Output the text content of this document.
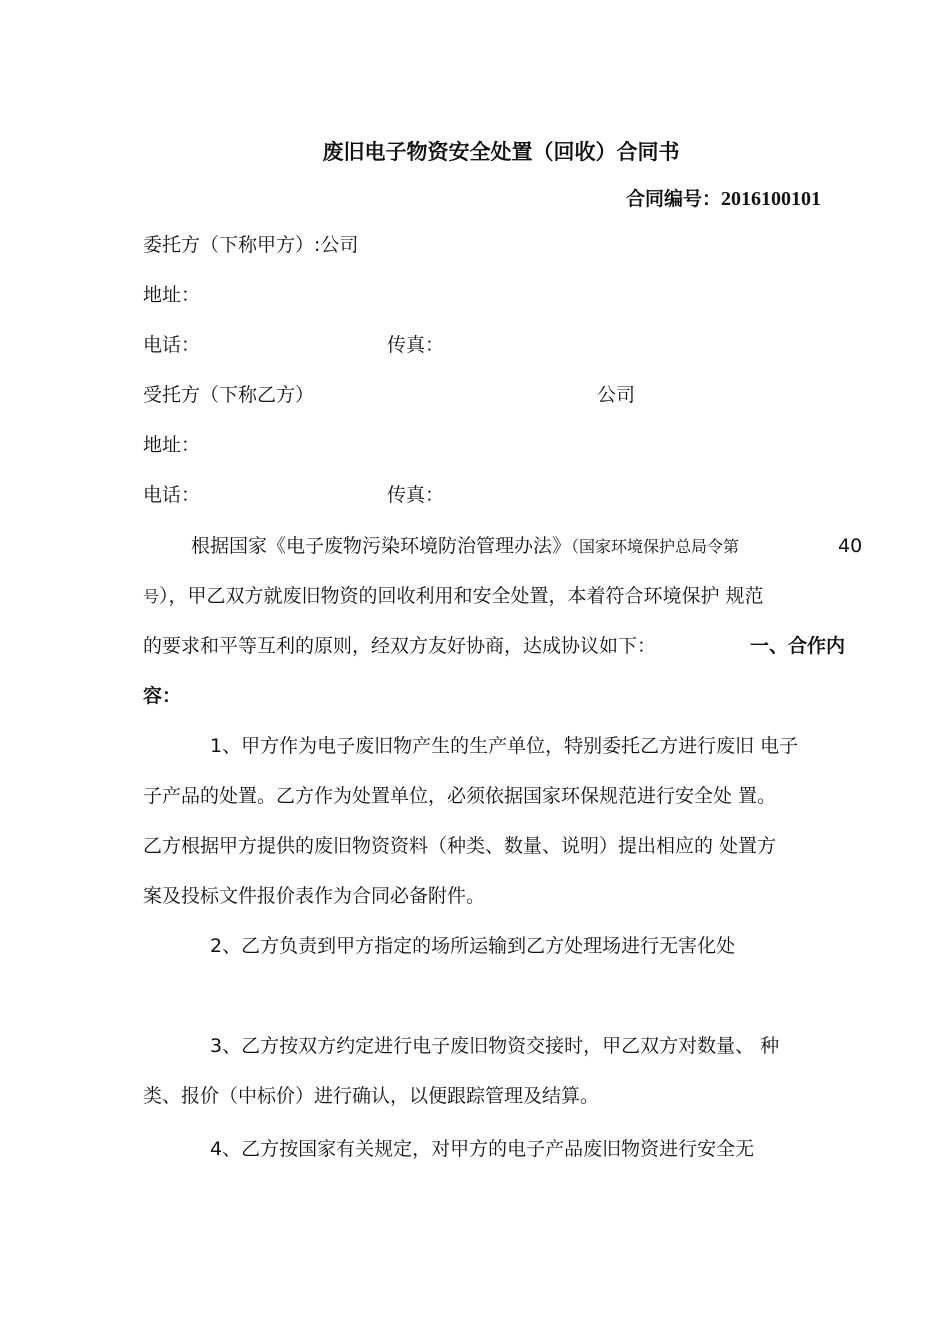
废旧电子物资安全处置（回收）合同书
合同编号：2016100101
委托方（下称甲方）:公司
地址：
电话：	传真：
受托方（下称乙方）	公司
地址：
电话：	传真：
根据国家《电子废物污染环境防治管理办法》（国家环境保护总局令第	40
号），甲乙双方就废旧物资的回收利用和安全处置，本着符合环境保护 规范
的要求和平等互利的原则，经双方友好协商，达成协议如下：	一、合作内
容：
1、甲方作为电子废旧物产生的生产单位，特别委托乙方进行废旧 电子
子产品的处置。乙方作为处置单位，必须依据国家环保规范进行安全处 置。
乙方根据甲方提供的废旧物资资料（种类、数量、说明）提出相应的 处置方
案及投标文件报价表作为合同必备附件。
2、乙方负责到甲方指定的场所运输到乙方处理场进行无害化处
3、乙方按双方约定进行电子废旧物资交接时，甲乙双方对数量、 种
类、报价（中标价）进行确认，以便跟踪管理及结算。
4、乙方按国家有关规定，对甲方的电子产品废旧物资进行安全无
